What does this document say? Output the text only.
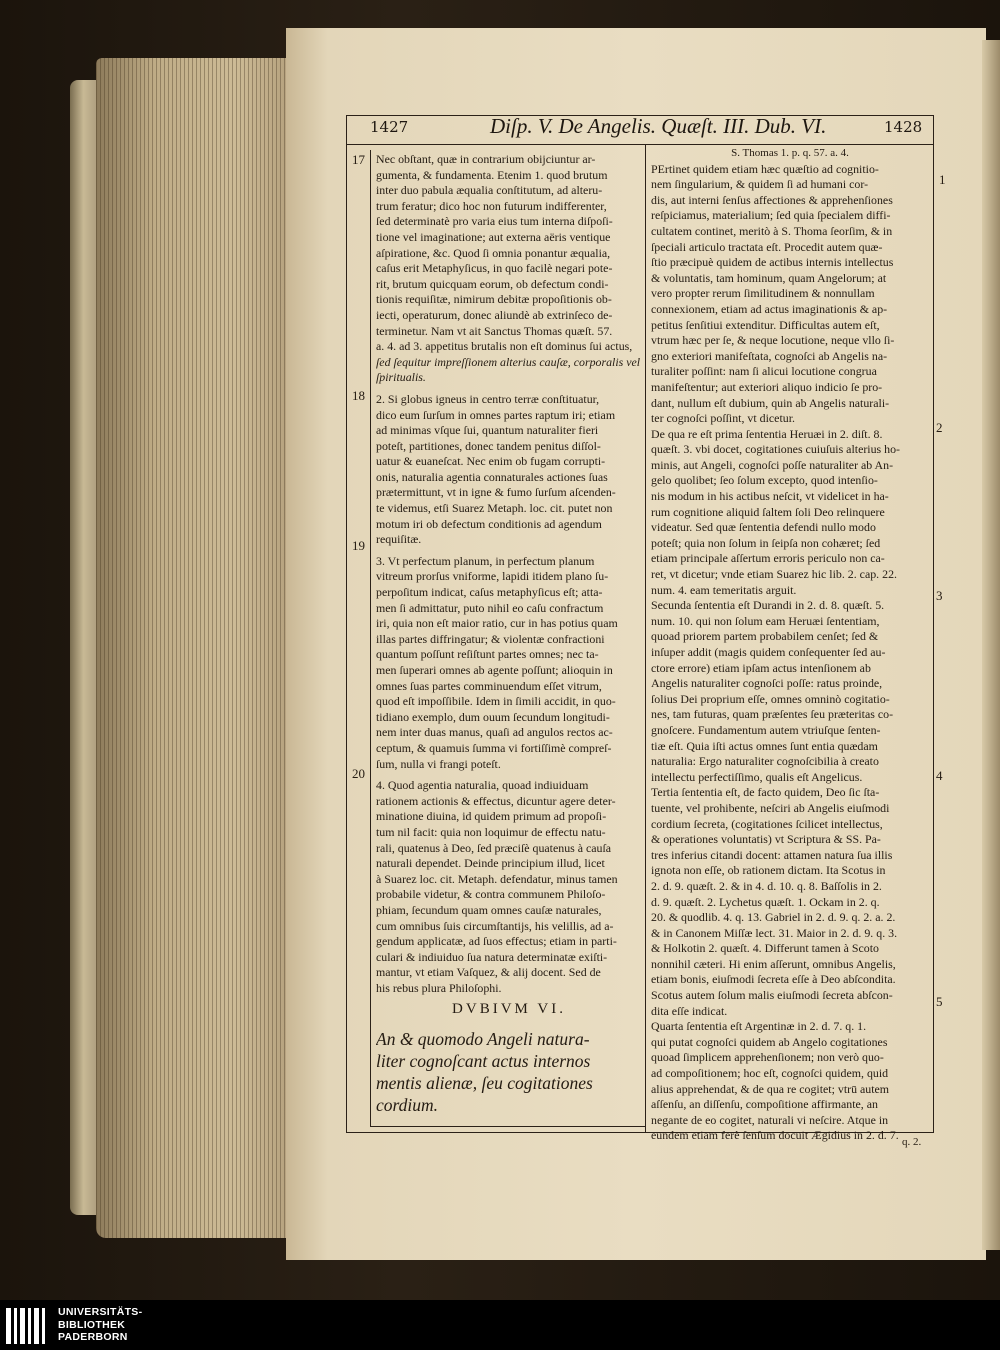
1427	Diſp. V. De Angelis. Quæſt. III. Dub. VI.	1428

Nec obſtant, quæ in contrarium obijciuntur ar-

gumenta, & fundamenta. Etenim 1. quod brutum

inter duo pabula æqualia conſtitutum, ad alteru-

trum feratur; dico hoc non futurum indifferenter,

ſed determinatè pro varia eius tum interna diſpoſi-

tione vel imaginatione; aut externa aëris ventique

aſpiratione, &c. Quod ſi omnia ponantur æqualia,

caſus erit Metaphyſicus, in quo facilè negari pote-

rit, brutum quicquam eorum, ob defectum condi-

tionis requiſitæ, nimirum debitæ propoſitionis ob-

iecti, operaturum, donec aliundè ab extrinſeco de-

terminetur. Nam vt ait Sanctus Thomas quæſt. 57.

a. 4. ad 3. appetitus brutalis non eſt dominus ſui actus,

ſed ſequitur impreſſionem alterius cauſæ, corporalis vel

ſpiritualis.

2. Si globus igneus in centro terræ conſtituatur,

dico eum ſurſum in omnes partes raptum iri; etiam

ad minimas vſque ſui, quantum naturaliter fieri

poteſt, partitiones, donec tandem penitus diſſol-

uatur & euaneſcat. Nec enim ob fugam corrupti-

onis, naturalia agentia connaturales actiones ſuas

prætermittunt, vt in igne & fumo ſurſum aſcenden-

te videmus, etſi Suarez Metaph. loc. cit. putet non

motum iri ob defectum conditionis ad agendum

requiſitæ.

3. Vt perfectum planum, in perfectum planum

vitreum prorſus vniforme, lapidi itidem plano ſu-

perpoſitum indicat, caſus metaphyſicus eſt; atta-

men ſi admittatur, puto nihil eo caſu confractum

iri, quia non eſt maior ratio, cur in has potius quam

illas partes diffringatur; & violentæ confractioni

quantum poſſunt reſiſtunt partes omnes; nec ta-

men ſuperari omnes ab agente poſſunt; alioquin in

omnes ſuas partes comminuendum eſſet vitrum,

quod eſt impoſſibile. Idem in ſimili accidit, in quo-

tidiano exemplo, dum ouum ſecundum longitudi-

nem inter duas manus, quaſi ad angulos rectos ac-

ceptum, & quamuis ſumma vi fortiſſimè compreſ-

ſum, nulla vi frangi poteſt.

4. Quod agentia naturalia, quoad indiuiduam

rationem actionis & effectus, dicuntur agere deter-

minatione diuina, id quidem primum ad propoſi-

tum nil facit: quia non loquimur de effectu natu-

rali, quatenus à Deo, ſed præciſè quatenus à cauſa

naturali dependet. Deinde principium illud, licet

à Suarez loc. cit. Metaph. defendatur, minus tamen

probabile videtur, & contra communem Philoſo-

phiam, ſecundum quam omnes cauſæ naturales,

cum omnibus ſuis circumſtantijs, his velillis, ad a-

gendum applicatæ, ad ſuos effectus; etiam in parti-

culari & indiuiduo ſua natura determinatæ exiſti-

mantur, vt etiam Vaſquez, & alij docent. Sed de

his rebus plura Philoſophi.

DVBIVM VI.

An & quomodo Angeli natura-

liter cognoſcant actus internos

mentis alienæ, ſeu cogitationes

cordium.

S. Thomas 1. p. q. 57. a. 4.

PErtinet quidem etiam hæc quæſtio ad cognitio-

nem ſingularium, & quidem ſi ad humani cor-

dis, aut interni ſenſus affectiones & apprehenſiones

reſpiciamus, materialium; ſed quia ſpecialem diffi-

cultatem continet, meritò à S. Thoma ſeorſim, & in

ſpeciali articulo tractata eſt. Procedit autem quæ-

ſtio præcipuè quidem de actibus internis intellectus

& voluntatis, tam hominum, quam Angelorum; at

vero propter rerum ſimilitudinem & nonnullam

connexionem, etiam ad actus imaginationis & ap-

petitus ſenſitiui extenditur. Difficultas autem eſt,

vtrum hæc per ſe, & neque locutione, neque vllo ſi-

gno exteriori manifeſtata, cognoſci ab Angelis na-

turaliter poſſint: nam ſi alicui locutione congrua

manifeſtentur; aut exteriori aliquo indicio ſe pro-

dant, nullum eſt dubium, quin ab Angelis naturali-

ter cognoſci poſſint, vt dicetur.

De qua re eſt prima ſententia Heruæi in 2. diſt. 8.

quæſt. 3. vbi docet, cogitationes cuiuſuis alterius ho-

minis, aut Angeli, cognoſci poſſe naturaliter ab An-

gelo quolibet; ſeo ſolum excepto, quod intenſio-

nis modum in his actibus neſcit, vt videlicet in ha-

rum cognitione aliquid ſaltem ſoli Deo relinquere

videatur. Sed quæ ſententia defendi nullo modo

poteſt; quia non ſolum in ſeipſa non cohæret; ſed

etiam principale aſſertum erroris periculo non ca-

ret, vt dicetur; vnde etiam Suarez hic lib. 2. cap. 22.

num. 4. eam temeritatis arguit.

Secunda ſententia eſt Durandi in 2. d. 8. quæſt. 5.

num. 10. qui non ſolum eam Heruæi ſententiam,

quoad priorem partem probabilem cenſet; ſed &

inſuper addit (magis quidem conſequenter ſed au-

ctore errore) etiam ipſam actus intenſionem ab

Angelis naturaliter cognoſci poſſe: ratus proinde,

ſolius Dei proprium eſſe, omnes omninò cogitatio-

nes, tam futuras, quam præſentes ſeu præteritas co-

gnoſcere. Fundamentum autem vtriuſque ſenten-

tiæ eſt. Quia iſti actus omnes ſunt entia quædam

naturalia: Ergo naturaliter cognoſcibilia à creato

intellectu perfectiſſimo, qualis eſt Angelicus.

Tertia ſententia eſt, de facto quidem, Deo ſic ſta-

tuente, vel prohibente, neſciri ab Angelis eiuſmodi

cordium ſecreta, (cogitationes ſcilicet intellectus,

& operationes voluntatis) vt Scriptura & SS. Pa-

tres inferius citandi docent: attamen natura ſua illis

ignota non eſſe, ob rationem dictam. Ita Scotus in

2. d. 9. quæſt. 2. & in 4. d. 10. q. 8. Baſſolis in 2.

d. 9. quæſt. 2. Lychetus quæſt. 1. Ockam in 2. q.

20. & quodlib. 4. q. 13. Gabriel in 2. d. 9. q. 2. a. 2.

& in Canonem Miſſæ lect. 31. Maior in 2. d. 9. q. 3.

& Holkotin 2. quæſt. 4. Differunt tamen à Scoto

nonnihil cæteri. Hi enim aſſerunt, omnibus Angelis,

etiam bonis, eiuſmodi ſecreta eſſe à Deo abſcondita.

Scotus autem ſolum malis eiuſmodi ſecreta abſcon-

dita eſſe indicat.

Quarta ſententia eſt Argentinæ in 2. d. 7. q. 1.

qui putat cognoſci quidem ab Angelo cogitationes

quoad ſimplicem apprehenſionem; non verò quo-

ad compoſitionem; hoc eſt, cognoſci quidem, quid

alius apprehendat, & de qua re cogitet; vtrū autem

aſſenſu, an diſſenſu, compoſitione affirmante, an

negante de eo cogitet, naturali vi neſcire. Atque in

eundem etiam ferè ſenſum docuit Ægidius in 2. d. 7.

17
18
19
20
1
2
3
4
5
q. 2.
UNIVERSITÄTS-
BIBLIOTHEK
PADERBORN
